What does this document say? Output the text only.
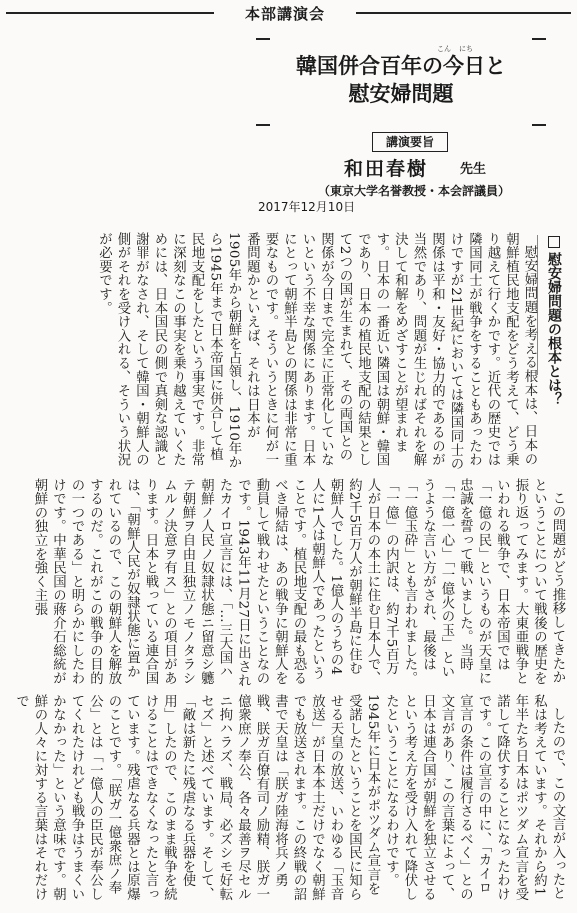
本部講演会
韓国併合百年の今日と
慰安婦問題
こん にち
講演要旨
和田春樹 先生
（東京大学名誉教授・本会評議員）
2017年12月10日
慰安婦問題の根本とは？

慰安婦問題を考える根本は、日本の朝鮮植民地支配をどう考えて、どう乗り越えて行くかです。近代の歴史では隣国同士が戦争をすることもあったわけですが21世紀においては隣国同士の関係は平和・友好・協力的であるのが当然であり、問題が生じればそれを解決して和解をめざすことが望まれます。日本の一番近い隣国は朝鮮・韓国であり、日本の植民地支配の結果として2つの国が生まれて、その両国との関係が今日まで完全に正常化していないという不幸な関係にあります。日本にとって朝鮮半島との関係は非常に重要なものです。そういうときに何が一番問題かといえば、それは日本が1905年から朝鮮を占領し、1910年から1945年まで日本帝国に併合して植民地支配をしたという事実です。非常に深刻なこの事実を乗り越えていくためには、日本国民の側で真剣な認識と謝罪がなされ、そして韓国・朝鮮人の側がそれを受け入れる、そういう状況が必要です。

この問題がどう推移してきたかということについて戦後の歴史を振り返ってみます。大東亜戦争といわれる戦争で、日本帝国では「一億の民」というものが天皇に忠誠を誓って戦いました。当時「一億一心」「一億火の玉」というような言い方がされ、最後は「一億玉砕」とも言われました。「一億」の内訳は、約7千5百万人が日本の本土に住む日本人で、約2千5百万人が朝鮮半島に住む朝鮮人でした。1億人のうちの4人に1人は朝鮮人であったということです。植民地支配の最も恐るべき帰結は、あの戦争に朝鮮人を動員して戦わせたということなのです。1943年11月27日に出されたカイロ宣言には、「…三大国ハ朝鮮ノ人民ノ奴隷状態ニ留意シ軈テ朝鮮ヲ自由且独立ノモノタラシムルノ決意ヲ有ス」との項目があります。日本と戦っている連合国は、「朝鮮人民が奴隷状態に置かれているので、この朝鮮人を解放するのだ。これがこの戦争の目的の一つである」と明らかにしたわけです。中華民国の蔣介石総統が朝鮮の独立を強く主張

したので、この文言が入ったと私は考えています。それから約1年半たち日本はポツダム宣言を受諾して降伏することになったわけです。この宣言の中に、「カイロ宣言の条件は履行さるべく」との文言があり、この言葉によって、日本は連合国が朝鮮を独立させるという考え方を受け入れて降伏したということになるわけです。1945年に日本がポツダム宣言を受諾したということを国民に知らせる天皇の放送、いわゆる「玉音放送」が日本本土だけでなく朝鮮でも放送されます。この終戦の詔書で天皇は「朕ガ陸海将兵ノ勇戦、朕ガ百僚有司ノ励精、朕ガ一億衆庶ノ奉公、各々最善ヲ尽セルニ拘ハラズ、戦局、必ズシモ好転セズ」と述べています。そして、「敵は新たに残虐なる兵器を使用」したので、このまま戦争を続けることはできなくなったと言っています。残虐なる兵器とは原爆のことです。「朕ガ一億衆庶ノ奉公」とは「一億人の臣民が奉公してくれたけれども戦争はうまくいかなかった」という意味です。朝鮮の人々に対する言葉はそれだけで
